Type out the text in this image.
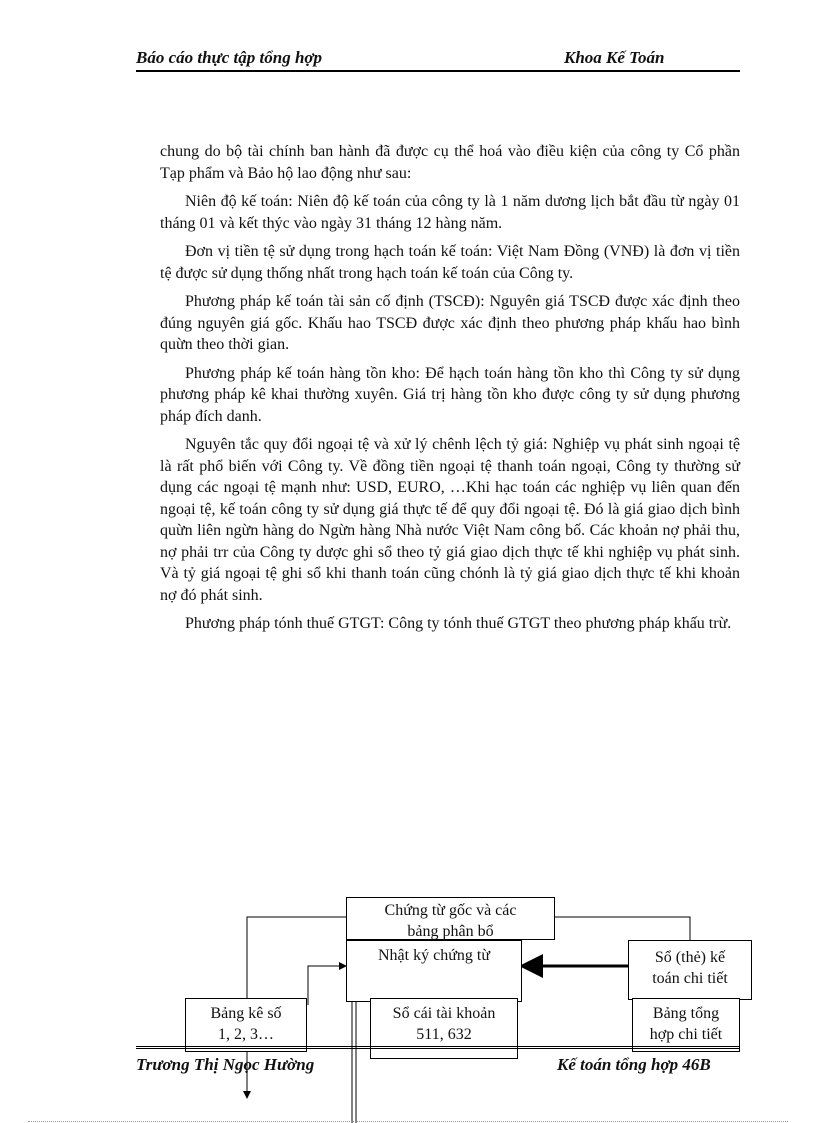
Báo cáo thực tập tổng hợp	Khoa Kế Toán

chung do bộ tài chính ban hành đã được cụ thể hoá vào điều kiện của công ty Cổ phần Tạp phẩm và Bảo hộ lao động như sau:

Niên độ kế toán: Niên độ kế toán của công ty là 1 năm dương lịch bắt đầu từ ngày 01 tháng 01 và kết thýc vào ngày 31 tháng 12 hàng năm.

Đơn vị tiền tệ sử dụng trong hạch toán kế toán: Việt Nam Đồng (VNĐ) là đơn vị tiền tệ được sử dụng thống nhất trong hạch toán kế toán của Công ty.

Phương pháp kế toán tài sản cố định (TSCĐ): Nguyên giá TSCĐ được xác định theo đúng nguyên giá gốc. Khấu hao TSCĐ được xác định theo phương pháp khấu hao bình quừn theo thời gian.

Phương pháp kế toán hàng tồn kho: Để hạch toán hàng tồn kho thì Công ty sử dụng phương pháp kê khai thường xuyên. Giá trị hàng tồn kho được công ty sử dụng phương pháp đích danh.

Nguyên tắc quy đổi ngoại tệ và xử lý chênh lệch tỷ giá: Nghiệp vụ phát sinh ngoại tệ là rất phổ biến với Công ty. Về đồng tiền ngoại tệ thanh toán ngoại, Công ty thường sử dụng các ngoại tệ mạnh như: USD, EURO, …Khi hạc toán các nghiệp vụ liên quan đến ngoại tệ, kế toán công ty sử dụng giá thực tế để quy đổi ngoại tệ. Đó là giá giao dịch bình quừn liên ngừn hàng do Ngừn hàng Nhà nước Việt Nam công bố. Các khoản nợ phải thu, nợ phải trr của Công ty dược ghi sổ theo tỷ giá giao dịch thực tế khi nghiệp vụ phát sinh. Và tỷ giá ngoại tệ ghi sổ khi thanh toán cũng chónh là tỷ giá giao dịch thực tế khi khoản nợ đó phát sinh.

Phương pháp tónh thuế GTGT: Công ty tónh thuế GTGT theo phương pháp khấu trừ.

Chứng từ gốc và các
bảng phân bổ
Nhật ký chứng từ	Sổ (thẻ) kế
toán chi tiết
Bảng kê số
1, 2, 3…
Sổ cái tài khoản
511, 632
Bảng tổng
hợp chi tiết
Trương Thị Ngọc Hường	Kế toán tổng hợp 46B
